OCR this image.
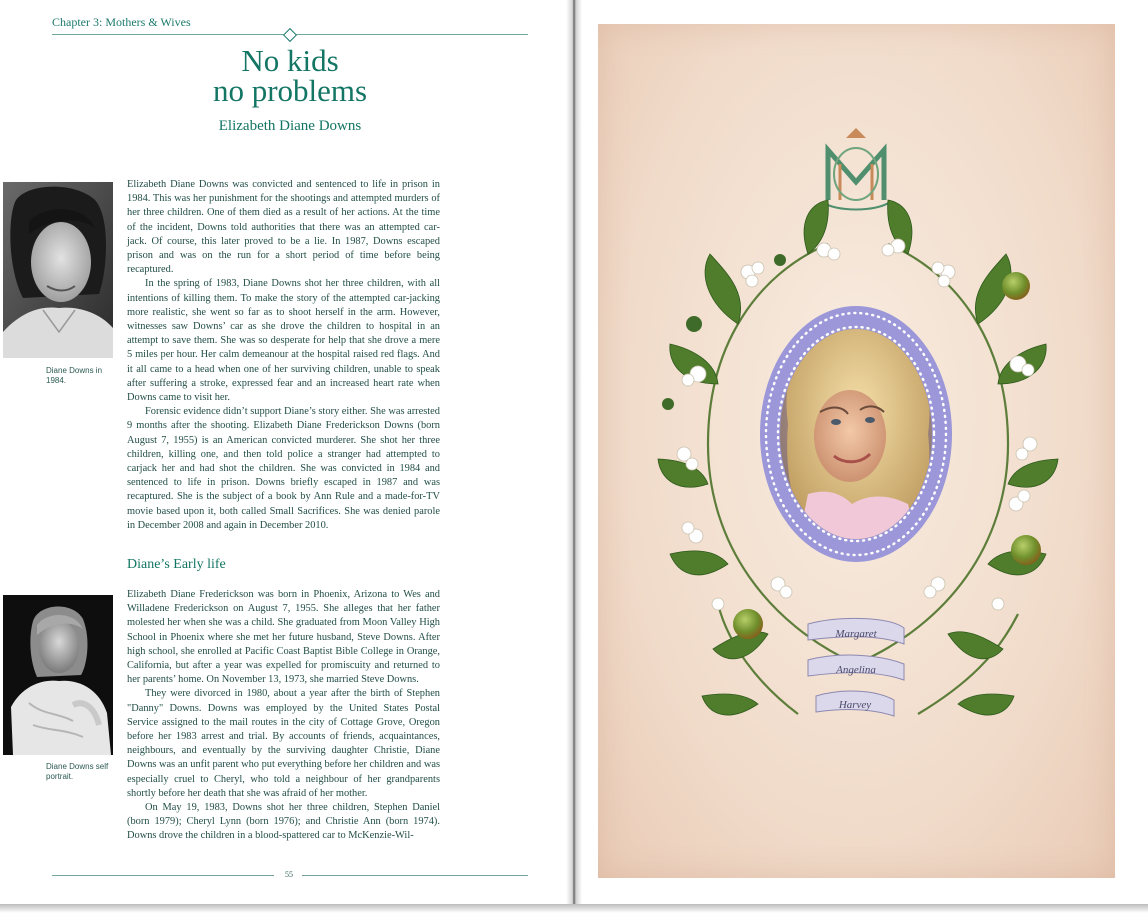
Chapter 3: Mothers & Wives
No kids
no problems
Elizabeth Diane Downs
Diane Downs in 1984.

Elizabeth Diane Downs was convicted and sentenced to life in prison in 1984. This was her punishment for the shootings and attempted murders of her three children. One of them died as a result of her actions. At the time of the incident, Downs told authorities that there was an attempted car-jack. Of course, this later proved to be a lie. In 1987, Downs escaped prison and was on the run for a short period of time before being recaptured.

In the spring of 1983, Diane Downs shot her three children, with all intentions of killing them. To make the story of the attempted car-jacking more realistic, she went so far as to shoot herself in the arm. However, witnesses saw Downs’ car as she drove the children to hospital in an attempt to save them. She was so desperate for help that she drove a mere 5 miles per hour. Her calm demeanour at the hospital raised red flags. And it all came to a head when one of her surviving children, unable to speak after suffering a stroke, expressed fear and an increased heart rate when Downs came to visit her.

Forensic evidence didn’t support Diane’s story either. She was arrested 9 months after the shooting. Elizabeth Diane Frederickson Downs (born August 7, 1955) is an American convicted murderer. She shot her three children, killing one, and then told police a stranger had attempted to carjack her and had shot the children. She was convicted in 1984 and sentenced to life in prison. Downs briefly escaped in 1987 and was recaptured. She is the subject of a book by Ann Rule and a made-for-TV movie based upon it, both called Small Sacrifices. She was denied parole in December 2008 and again in December 2010.

Diane’s Early life
Diane Downs self portrait.

Elizabeth Diane Frederickson was born in Phoenix, Arizona to Wes and Willadene Frederickson on August 7, 1955. She alleges that her father molested her when she was a child. She graduated from Moon Valley High School in Phoenix where she met her future husband, Steve Downs. After high school, she enrolled at Pacific Coast Baptist Bible College in Orange, California, but after a year was expelled for promiscuity and returned to her parents’ home. On November 13, 1973, she married Steve Downs.

They were divorced in 1980, about a year after the birth of Stephen "Danny" Downs. Downs was employed by the United States Postal Service assigned to the mail routes in the city of Cottage Grove, Oregon before her 1983 arrest and trial. By accounts of friends, acquaintances, neighbours, and eventually by the surviving daughter Christie, Diane Downs was an unfit parent who put everything before her children and was especially cruel to Cheryl, who told a neighbour of her grandparents shortly before her death that she was afraid of her mother.

On May 19, 1983, Downs shot her three children, Stephen Daniel (born 1979); Cheryl Lynn (born 1976); and Christie Ann (born 1974). Downs drove the children in a blood-spattered car to McKenzie-Wil-

55
Margaret
Angelina
Harvey
